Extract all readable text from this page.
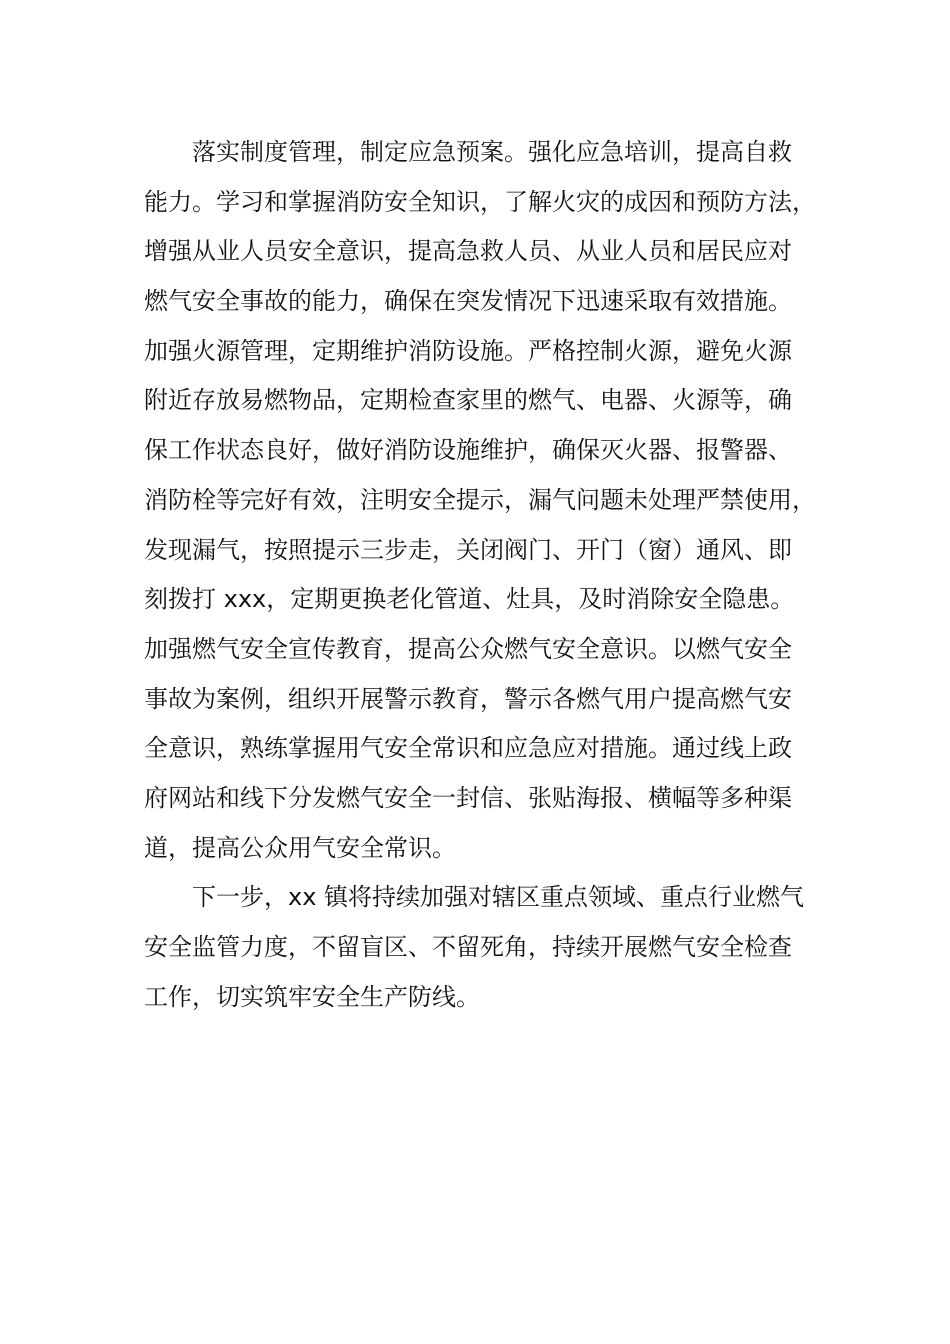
落实制度管理，制定应急预案。强化应急培训，提高自救
能力。学习和掌握消防安全知识，了解火灾的成因和预防方法，
增强从业人员安全意识，提高急救人员、从业人员和居民应对
燃气安全事故的能力，确保在突发情况下迅速采取有效措施。
加强火源管理，定期维护消防设施。严格控制火源，避免火源
附近存放易燃物品，定期检查家里的燃气、电器、火源等，确
保工作状态良好，做好消防设施维护，确保灭火器、报警器、
消防栓等完好有效，注明安全提示，漏气问题未处理严禁使用，
发现漏气，按照提示三步走，关闭阀门、开门（窗）通风、即
刻拨打 xxx，定期更换老化管道、灶具，及时消除安全隐患。
加强燃气安全宣传教育，提高公众燃气安全意识。以燃气安全
事故为案例，组织开展警示教育，警示各燃气用户提高燃气安
全意识，熟练掌握用气安全常识和应急应对措施。通过线上政
府网站和线下分发燃气安全一封信、张贴海报、横幅等多种渠
道，提高公众用气安全常识。
下一步，xx 镇将持续加强对辖区重点领域、重点行业燃气
安全监管力度，不留盲区、不留死角，持续开展燃气安全检查
工作，切实筑牢安全生产防线。
